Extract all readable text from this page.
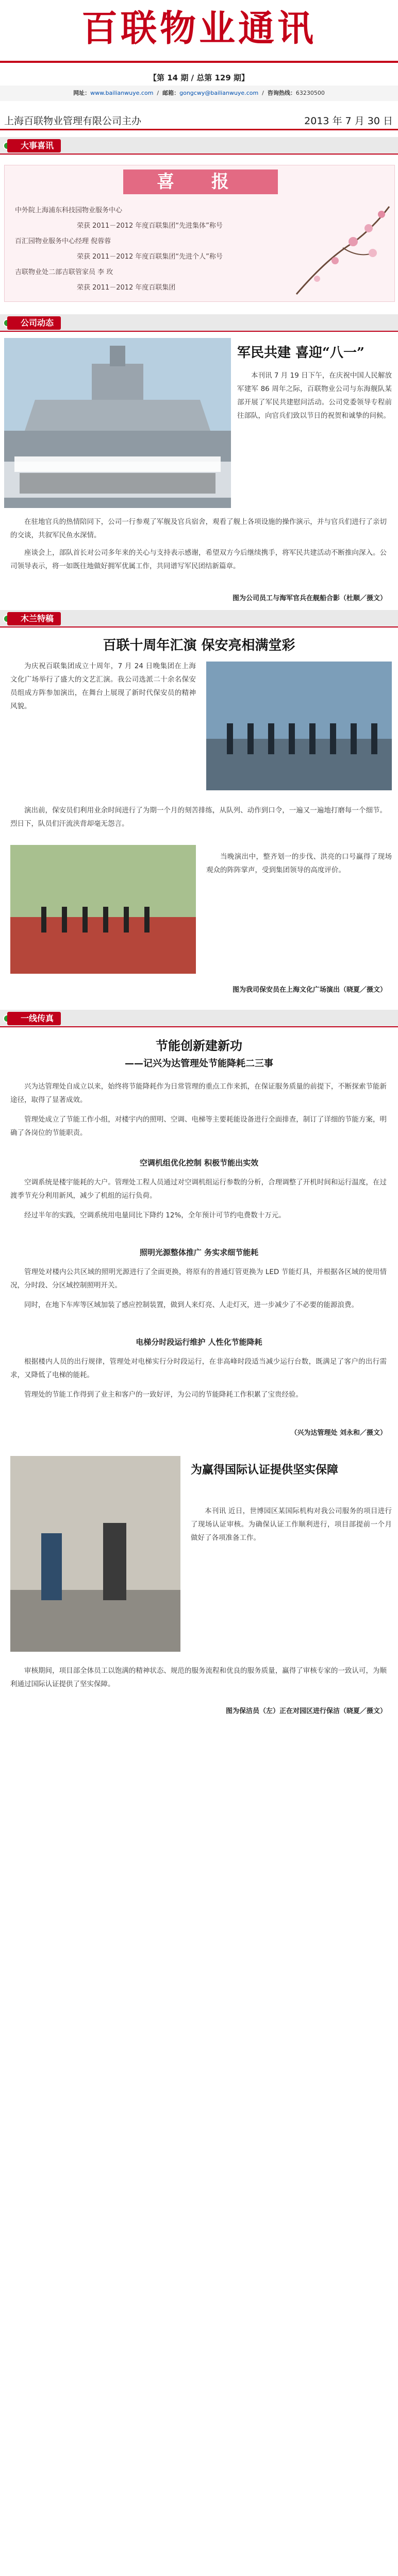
百联物业通讯
【第 14 期 / 总第 129 期】
网址：www.bailianwuye.com  /  邮箱：gongcwy@bailianwuye.com  /  咨询热线：63230500
上海百联物业管理有限公司主办	2013 年 7 月 30 日
大事喜讯
喜 报
中外院上海浦东科技园物业服务中心
荣获 2011－2012 年度百联集团“先进集体”称号
百汇园物业服务中心经理 倪蓉蓉
荣获 2011－2012 年度百联集团“先进个人”称号
吉联物业处二部吉联管家员 李 玫
荣获 2011－2012 年度百联集团
公司动态
军民共建 喜迎“八一”
本刊讯 7 月 19 日下午，在庆祝中国人民解放军建军 86 周年之际，百联物业公司与东海舰队某部开展了军民共建慰问活动。公司党委领导专程前往部队，向官兵们致以节日的祝贺和诚挚的问候。
在驻地官兵的热情陪同下，公司一行参观了军舰及官兵宿舍，观看了舰上各项设施的操作演示，并与官兵们进行了亲切的交谈，共叙军民鱼水深情。
座谈会上，部队首长对公司多年来的关心与支持表示感谢，希望双方今后继续携手，将军民共建活动不断推向深入。公司领导表示，将一如既往地做好拥军优属工作，共同谱写军民团结新篇章。
图为公司员工与海军官兵在舰船合影（杜顺／摄文）
木兰特稿
百联十周年汇演 保安亮相满堂彩
为庆祝百联集团成立十周年，7 月 24 日晚集团在上海文化广场举行了盛大的文艺汇演。我公司选派二十余名保安员组成方阵参加演出，在舞台上展现了新时代保安员的精神风貌。
演出前，保安员们利用业余时间进行了为期一个月的刻苦排练，从队列、动作到口令，一遍又一遍地打磨每一个细节。烈日下，队员们汗流浃背却毫无怨言。
当晚演出中，整齐划一的步伐、洪亮的口号赢得了现场观众的阵阵掌声，受到集团领导的高度评价。
图为我司保安员在上海文化广场演出（晓夏／摄文）
一线传真
节能创新建新功
——记兴为达管理处节能降耗二三事
兴为达管理处自成立以来，始终将节能降耗作为日常管理的重点工作来抓，在保证服务质量的前提下，不断探索节能新途径，取得了显著成效。
管理处成立了节能工作小组，对楼宇内的照明、空调、电梯等主要耗能设备进行全面排查，制订了详细的节能方案，明确了各岗位的节能职责。
空调机组优化控制 积极节能出实效
空调系统是楼宇能耗的大户。管理处工程人员通过对空调机组运行参数的分析，合理调整了开机时间和运行温度，在过渡季节充分利用新风，减少了机组的运行负荷。
经过半年的实践，空调系统用电量同比下降约 12%，全年预计可节约电费数十万元。
照明光源整体推广 务实求细节能耗
管理处对楼内公共区域的照明光源进行了全面更换，将原有的普通灯管更换为 LED 节能灯具，并根据各区域的使用情况，分时段、分区域控制照明开关。
同时，在地下车库等区域加装了感应控制装置，做到人来灯亮、人走灯灭，进一步减少了不必要的能源浪费。
电梯分时段运行维护 人性化节能降耗
根据楼内人员的出行规律，管理处对电梯实行分时段运行，在非高峰时段适当减少运行台数，既满足了客户的出行需求，又降低了电梯的能耗。
管理处的节能工作得到了业主和客户的一致好评，为公司的节能降耗工作积累了宝贵经验。
（兴为达管理处 刘永和／摄文）
为赢得国际认证提供坚实保障
本刊讯 近日，世博园区某国际机构对我公司服务的项目进行了现场认证审核。为确保认证工作顺利进行，项目部提前一个月做好了各项准备工作。
审核期间，项目部全体员工以饱满的精神状态、规范的服务流程和优良的服务质量，赢得了审核专家的一致认可，为顺利通过国际认证提供了坚实保障。
图为保洁员（左）正在对园区进行保洁（晓夏／摄文）
